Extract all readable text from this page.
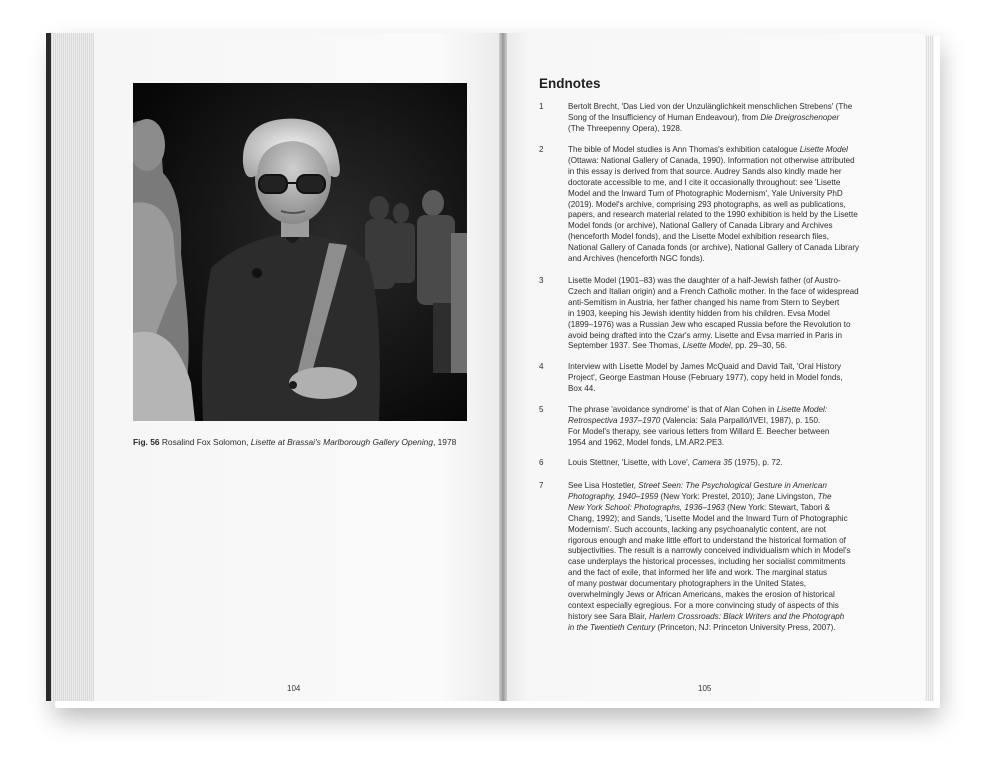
Fig. 56 Rosalind Fox Solomon, Lisette at Brassai's Marlborough Gallery Opening, 1978
104
Endnotes
1	Bertolt Brecht, 'Das Lied von der Unzulänglichkeit menschlichen Strebens' (The
Song of the Insufficiency of Human Endeavour), from Die Dreigroschenoper
(The Threepenny Opera), 1928.
2	The bible of Model studies is Ann Thomas's exhibition catalogue Lisette Model
(Ottawa: National Gallery of Canada, 1990). Information not otherwise attributed
in this essay is derived from that source. Audrey Sands also kindly made her
doctorate accessible to me, and I cite it occasionally throughout: see 'Lisette
Model and the Inward Turn of Photographic Modernism', Yale University PhD
(2019). Model's archive, comprising 293 photographs, as well as publications,
papers, and research material related to the 1990 exhibition is held by the Lisette
Model fonds (or archive), National Gallery of Canada Library and Archives
(henceforth Model fonds), and the Lisette Model exhibition research files,
National Gallery of Canada fonds (or archive), National Gallery of Canada Library
and Archives (henceforth NGC fonds).
3	Lisette Model (1901–83) was the daughter of a half-Jewish father (of Austro-
Czech and Italian origin) and a French Catholic mother. In the face of widespread
anti-Semitism in Austria, her father changed his name from Stern to Seybert
in 1903, keeping his Jewish identity hidden from his children. Evsa Model
(1899–1976) was a Russian Jew who escaped Russia before the Revolution to
avoid being drafted into the Czar's army. Lisette and Evsa married in Paris in
September 1937. See Thomas, Lisette Model, pp. 29–30, 56.
4	Interview with Lisette Model by James McQuaid and David Tait, 'Oral History
Project', George Eastman House (February 1977), copy held in Model fonds,
Box 44.
5	The phrase 'avoidance syndrome' is that of Alan Cohen in Lisette Model:
Retrospectiva 1937–1970 (Valencia: Sala Parpalló/IVEI, 1987), p. 150.
For Model's therapy, see various letters from Willard E. Beecher between
1954 and 1962, Model fonds, LM.AR2.PE3.
6	Louis Stettner, 'Lisette, with Love', Camera 35 (1975), p. 72.
7	See Lisa Hostetler, Street Seen: The Psychological Gesture in American
Photography, 1940–1959 (New York: Prestel, 2010); Jane Livingston, The
New York School: Photographs, 1936–1963 (New York: Stewart, Tabori &
Chang, 1992); and Sands, 'Lisette Model and the Inward Turn of Photographic
Modernism'. Such accounts, lacking any psychoanalytic content, are not
rigorous enough and make little effort to understand the historical formation of
subjectivities. The result is a narrowly conceived individualism which in Model's
case underplays the historical processes, including her socialist commitments
and the fact of exile, that informed her life and work. The marginal status
of many postwar documentary photographers in the United States,
overwhelmingly Jews or African Americans, makes the erosion of historical
context especially egregious. For a more convincing study of aspects of this
history see Sara Blair, Harlem Crossroads: Black Writers and the Photograph
in the Twentieth Century (Princeton, NJ: Princeton University Press, 2007).
105
